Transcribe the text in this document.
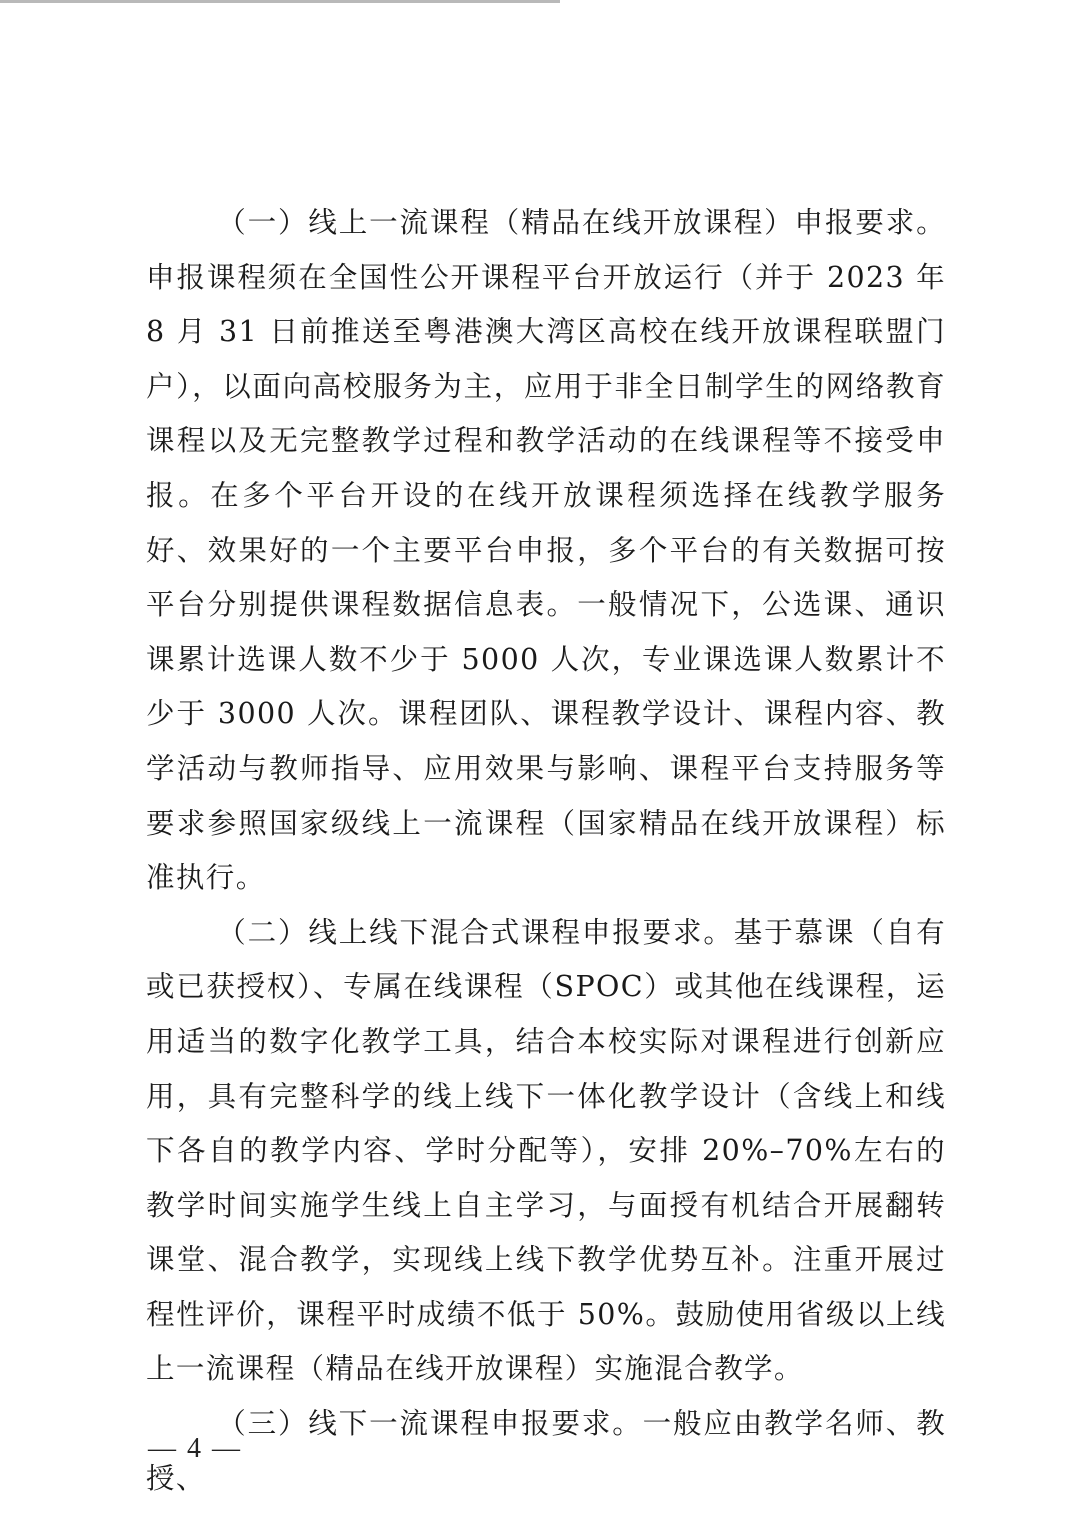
（一）线上一流课程（精品在线开放课程）申报要求。申报课程须在全国性公开课程平台开放运行（并于 2023 年 8 月 31 日前推送至粤港澳大湾区高校在线开放课程联盟门户），以面向高校服务为主，应用于非全日制学生的网络教育课程以及无完整教学过程和教学活动的在线课程等不接受申报。在多个平台开设的在线开放课程须选择在线教学服务好、效果好的一个主要平台申报，多个平台的有关数据可按平台分别提供课程数据信息表。一般情况下，公选课、通识课累计选课人数不少于 5000 人次，专业课选课人数累计不少于 3000 人次。课程团队、课程教学设计、课程内容、教学活动与教师指导、应用效果与影响、课程平台支持服务等要求参照国家级线上一流课程（国家精品在线开放课程）标准执行。

（二）线上线下混合式课程申报要求。基于慕课（自有或已获授权）、专属在线课程（SPOC）或其他在线课程，运用适当的数字化教学工具，结合本校实际对课程进行创新应用，具有完整科学的线上线下一体化教学设计（含线上和线下各自的教学内容、学时分配等），安排 20%–70%左右的教学时间实施学生线上自主学习，与面授有机结合开展翻转课堂、混合教学，实现线上线下教学优势互补。注重开展过程性评价，课程平时成绩不低于 50%。鼓励使用省级以上线上一流课程（精品在线开放课程）实施混合教学。

（三）线下一流课程申报要求。一般应由教学名师、教授、

— 4 —
